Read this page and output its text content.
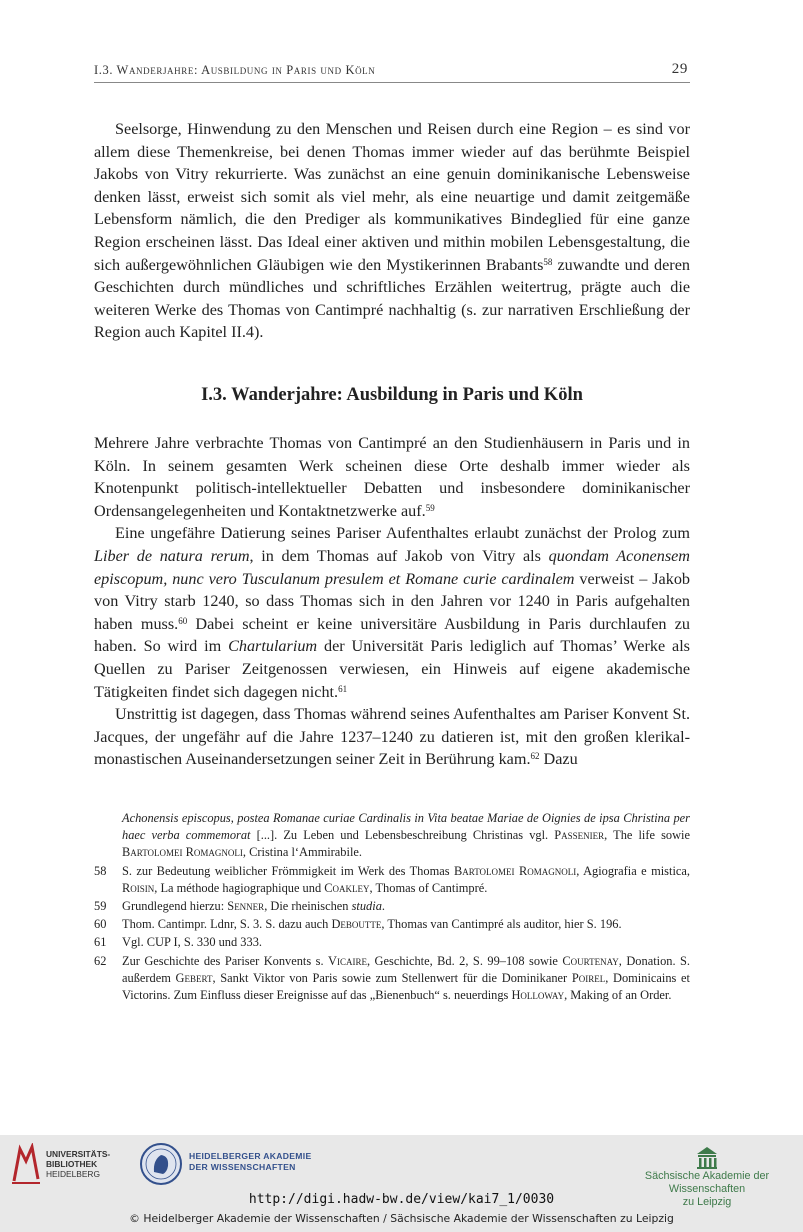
I.3. Wanderjahre: Ausbildung in Paris und Köln	29

Seelsorge, Hinwendung zu den Menschen und Reisen durch eine Region – es sind vor allem diese Themenkreise, bei denen Thomas immer wieder auf das berühmte Beispiel Jakobs von Vitry rekurrierte. Was zunächst an eine genuin dominikanische Lebensweise denken lässt, erweist sich somit als viel mehr, als eine neuartige und damit zeitgemäße Lebensform nämlich, die den Prediger als kommunikatives Bindeglied für eine ganze Region erscheinen lässt. Das Ideal einer aktiven und mithin mobilen Lebensgestaltung, die sich außergewöhnlichen Gläubigen wie den Mystikerinnen Brabants$^{58}$ zuwandte und deren Geschichten durch mündliches und schriftliches Erzählen weitertrug, prägte auch die weiteren Werke des Thomas von Cantimpré nachhaltig (s. zur narrativen Erschließung der Region auch Kapitel II.4).

I.3. Wanderjahre: Ausbildung in Paris und Köln

Mehrere Jahre verbrachte Thomas von Cantimpré an den Studienhäusern in Paris und in Köln. In seinem gesamten Werk scheinen diese Orte deshalb immer wieder als Knotenpunkt politisch-intellektueller Debatten und insbesondere dominikanischer Ordensangelegenheiten und Kontaktnetzwerke auf.$^{59}$

Eine ungefähre Datierung seines Pariser Aufenthaltes erlaubt zunächst der Prolog zum Liber de natura rerum, in dem Thomas auf Jakob von Vitry als quondam Aconensem episcopum, nunc vero Tusculanum presulem et Romane curie cardinalem verweist – Jakob von Vitry starb 1240, so dass Thomas sich in den Jahren vor 1240 in Paris aufgehalten haben muss.$^{60}$ Dabei scheint er keine universitäre Ausbildung in Paris durchlaufen zu haben. So wird im Chartularium der Universität Paris lediglich auf Thomas’ Werke als Quellen zu Pariser Zeitgenossen verwiesen, ein Hinweis auf eigene akademische Tätigkeiten findet sich dagegen nicht.$^{61}$

Unstrittig ist dagegen, dass Thomas während seines Aufenthaltes am Pariser Konvent St. Jacques, der ungefähr auf die Jahre 1237–1240 zu datieren ist, mit den großen klerikal-monastischen Auseinandersetzungen seiner Zeit in Berührung kam.$^{62}$ Dazu

Achonensis episcopus, postea Romanae curiae Cardinalis in Vita beatae Mariae de Oignies de ipsa Christina per haec verba commemorat [...]. Zu Leben und Lebensbeschreibung Christinas vgl. Passenier, The life sowie Bartolomei Romagnoli, Cristina l‘Ammirabile.
58	S. zur Bedeutung weiblicher Frömmigkeit im Werk des Thomas Bartolomei Romagnoli, Agiografia e mistica, Roisin, La méthode hagiographique und Coakley, Thomas of Cantimpré.
59	Grundlegend hierzu: Senner, Die rheinischen studia.
60	Thom. Cantimpr. Ldnr, S. 3. S. dazu auch Deboutte, Thomas van Cantimpré als auditor, hier S. 196.
61	Vgl. CUP I, S. 330 und 333.
62	Zur Geschichte des Pariser Konvents s. Vicaire, Geschichte, Bd. 2, S. 99–108 sowie Courtenay, Donation. S. außerdem Gebert, Sankt Viktor von Paris sowie zum Stellenwert für die Dominikaner Poirel, Dominicains et Victorins. Zum Einfluss dieser Ereignisse auf das „Bienenbuch“ s. neuerdings Holloway, Making of an Order.
UNIVERSITÄTS-
BIBLIOTHEK
HEIDELBERG
HEIDELBERGER AKADEMIE
DER WISSENSCHAFTEN
Sächsische Akademie der Wissenschaften
zu Leipzig
http://digi.hadw-bw.de/view/kai7_1/0030
© Heidelberger Akademie der Wissenschaften / Sächsische Akademie der Wissenschaften zu Leipzig
